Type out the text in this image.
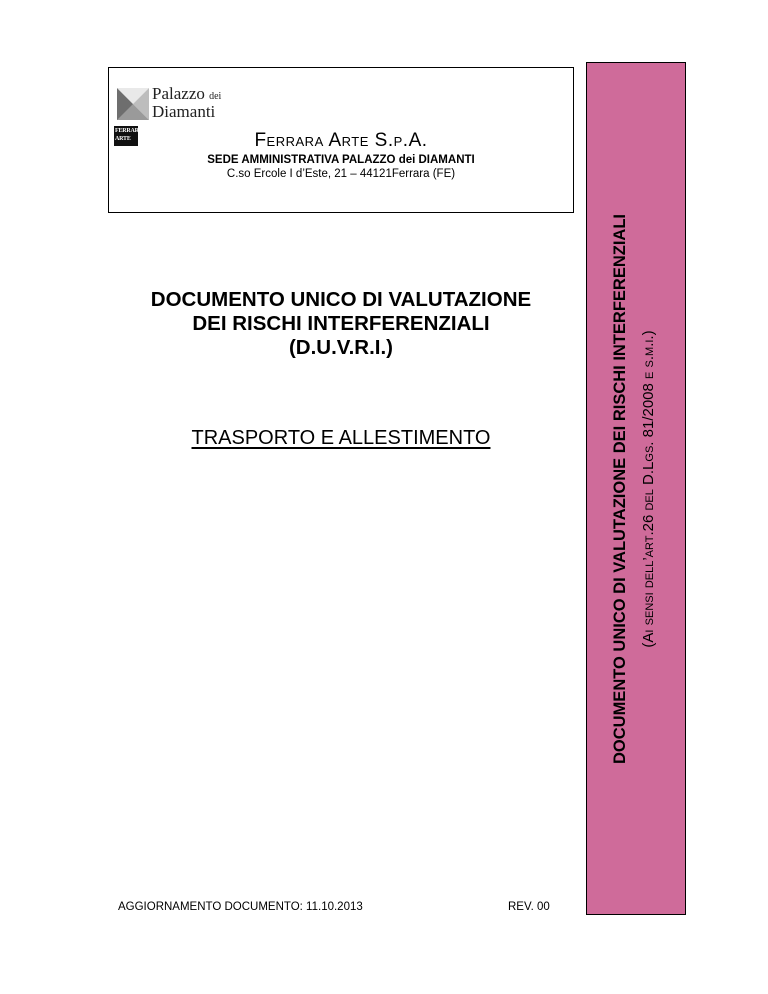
Palazzo dei
Diamanti
FERRARA ARTE	Ferrara Arte S.p.A.
SEDE AMMINISTRATIVA PALAZZO dei DIAMANTI
C.so Ercole I d’Este, 21 – 44121Ferrara (FE)
DOCUMENTO UNICO DI VALUTAZIONE
DEI RISCHI INTERFERENZIALI
(D.U.V.R.I.)
TRASPORTO E ALLESTIMENTO
AGGIORNAMENTO DOCUMENTO: 11.10.2013	REV. 00
DOCUMENTO UNICO DI VALUTAZIONE DEI RISCHI INTERFERENZIALI (Ai sensi dell’art.26 del D.Lgs. 81/2008 e s.m.i.)
